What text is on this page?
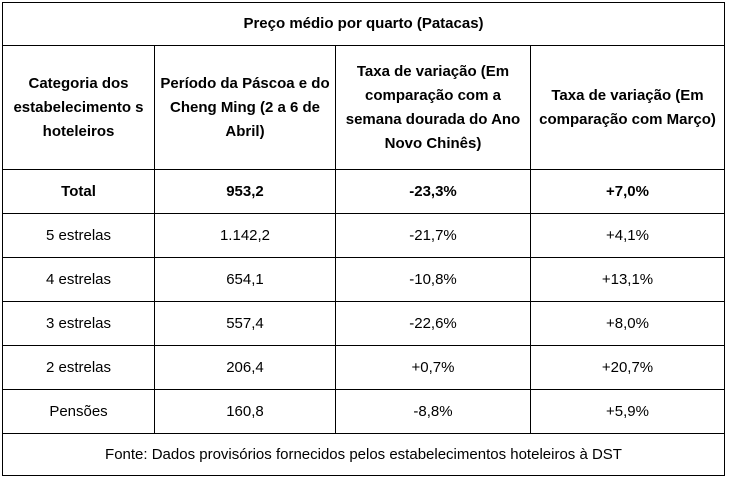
Preço médio por quarto (Patacas)			
Categoria dos estabelecimento s hoteleiros	Período da Páscoa e do Cheng Ming (2 a 6 de Abril)	Taxa de variação (Em comparação com a semana dourada do Ano Novo Chinês)	Taxa de variação (Em comparação com Março)
Total	953,2	-23,3%	+7,0%
5 estrelas	1.142,2	-21,7%	+4,1%
4 estrelas	654,1	-10,8%	+13,1%
3 estrelas	557,4	-22,6%	+8,0%
2 estrelas	206,4	+0,7%	+20,7%
Pensões	160,8	-8,8%	+5,9%
Fonte: Dados provisórios fornecidos pelos estabelecimentos hoteleiros à DST			
